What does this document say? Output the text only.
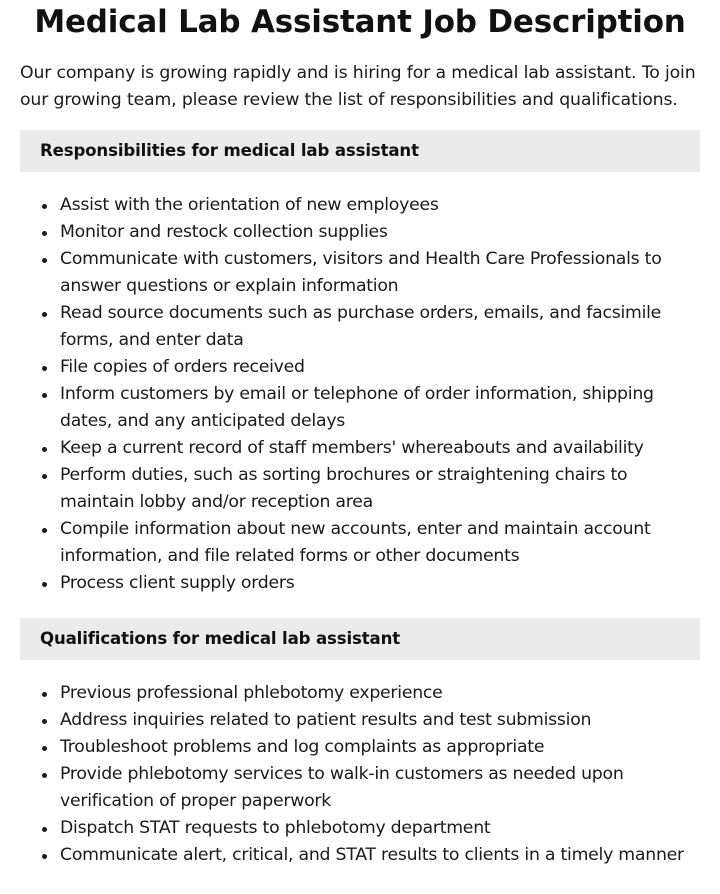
Medical Lab Assistant Job Description

Our company is growing rapidly and is hiring for a medical lab assistant. To join our growing team, please review the list of responsibilities and qualifications.

Responsibilities for medical lab assistant
Assist with the orientation of new employees
Monitor and restock collection supplies
Communicate with customers, visitors and Health Care Professionals to answer questions or explain information
Read source documents such as purchase orders, emails, and facsimile forms, and enter data
File copies of orders received
Inform customers by email or telephone of order information, shipping dates, and any anticipated delays
Keep a current record of staff members' whereabouts and availability
Perform duties, such as sorting brochures or straightening chairs to maintain lobby and/or reception area
Compile information about new accounts, enter and maintain account information, and file related forms or other documents
Process client supply orders
Qualifications for medical lab assistant
Previous professional phlebotomy experience
Address inquiries related to patient results and test submission
Troubleshoot problems and log complaints as appropriate
Provide phlebotomy services to walk-in customers as needed upon verification of proper paperwork
Dispatch STAT requests to phlebotomy department
Communicate alert, critical, and STAT results to clients in a timely manner
